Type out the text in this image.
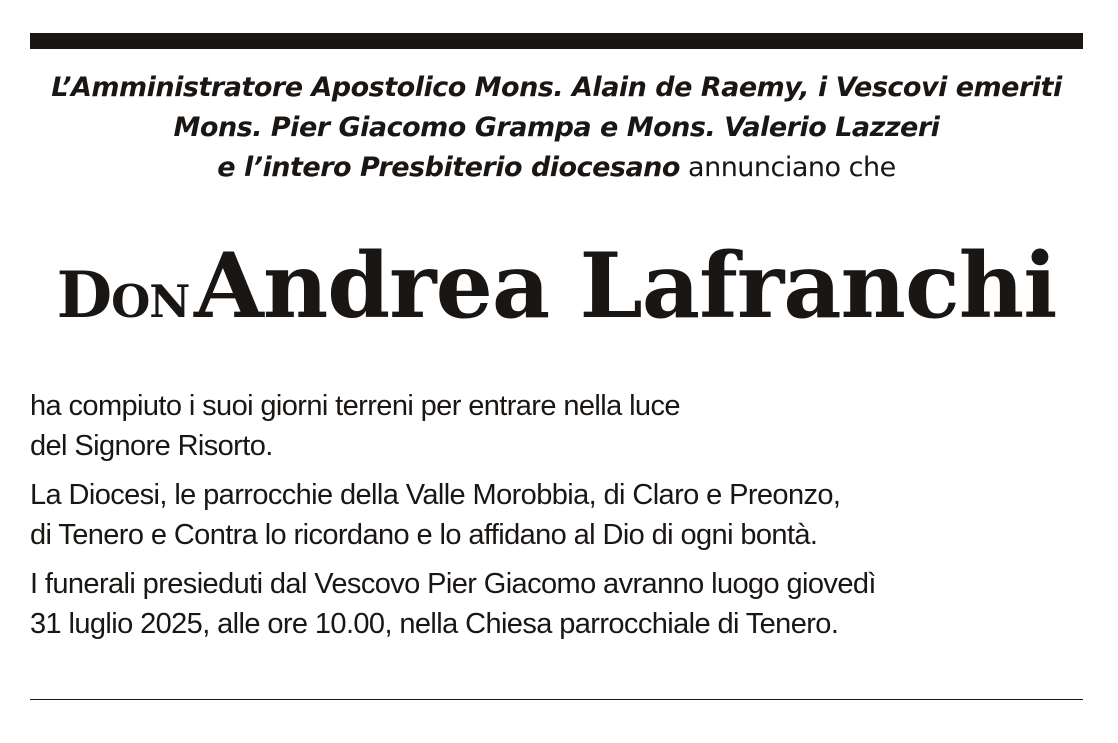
L’Amministratore Apostolico Mons. Alain de Raemy, i Vescovi emeriti
Mons. Pier Giacomo Grampa e Mons. Valerio Lazzeri
e l’intero Presbiterio diocesano annunciano che
Don Andrea Lafranchi

ha compiuto i suoi giorni terreni per entrare nella luce
del Signore Risorto.

La Diocesi, le parrocchie della Valle Morobbia, di Claro e Preonzo,
di Tenero e Contra lo ricordano e lo affidano al Dio di ogni bontà.

I funerali presieduti dal Vescovo Pier Giacomo avranno luogo giovedì
31 luglio 2025, alle ore 10.00, nella Chiesa parrocchiale di Tenero.
